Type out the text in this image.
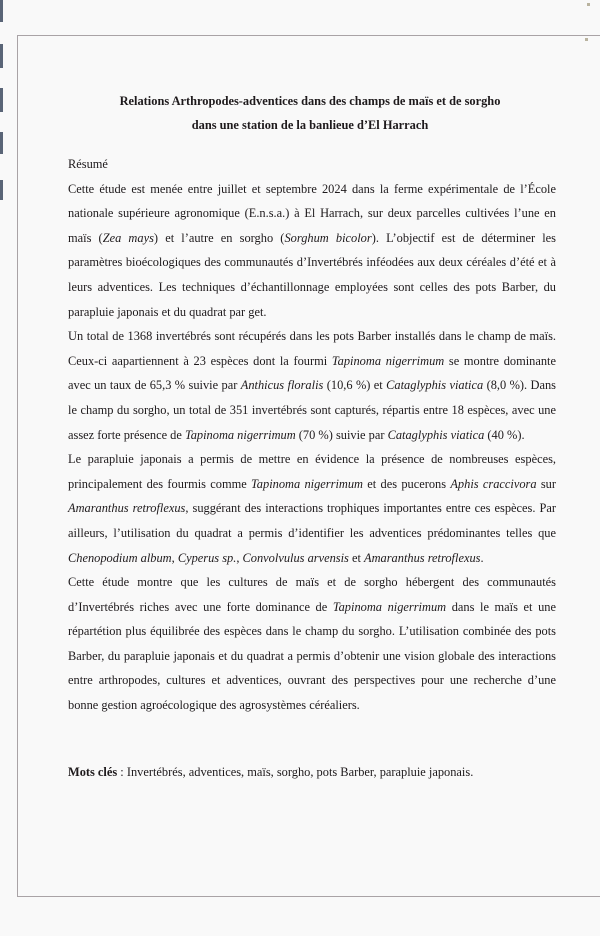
Relations Arthropodes-adventices dans des champs de maïs et de sorgho
dans une station de la banlieue d’El Harrach

Résumé

Cette étude est menée entre juillet et septembre 2024 dans la ferme expérimentale de l’École nationale supérieure agronomique (E.n.s.a.) à El Harrach, sur deux parcelles cultivées l’une en maïs (Zea mays) et l’autre en sorgho (Sorghum bicolor). L’objectif est de déterminer les paramètres bioécologiques des communautés d’Invertébrés inféodées aux deux céréales d’été et à leurs adventices. Les techniques d’échantillonnage employées sont celles des pots Barber, du parapluie japonais et du quadrat par get.

Un total de 1368 invertébrés sont récupérés dans les pots Barber installés dans le champ de maïs. Ceux-ci aapartiennent à 23 espèces dont la fourmi Tapinoma nigerrimum se montre dominante avec un taux de 65,3 % suivie par Anthicus floralis (10,6 %) et Cataglyphis viatica (8,0 %). Dans le champ du sorgho, un total de 351 invertébrés sont capturés, répartis entre 18 espèces, avec une assez forte présence de Tapinoma nigerrimum (70 %) suivie par Cataglyphis viatica (40 %).

Le parapluie japonais a permis de mettre en évidence la présence de nombreuses espèces, principalement des fourmis comme Tapinoma nigerrimum et des pucerons Aphis craccivora sur Amaranthus retroflexus, suggérant des interactions trophiques importantes entre ces espèces. Par ailleurs, l’utilisation du quadrat a permis d’identifier les adventices prédominantes telles que Chenopodium album, Cyperus sp., Convolvulus arvensis et Amaranthus retroflexus.

Cette étude montre que les cultures de maïs et de sorgho hébergent des communautés d’Invertébrés riches avec une forte dominance de Tapinoma nigerrimum dans le maïs et une répartétion plus équilibrée des espèces dans le champ du sorgho. L’utilisation combinée des pots Barber, du parapluie japonais et du quadrat a permis d’obtenir une vision globale des interactions entre arthropodes, cultures et adventices, ouvrant des perspectives pour une recherche d’une bonne gestion agroécologique des agrosystèmes céréaliers.

Mots clés : Invertébrés, adventices, maïs, sorgho, pots Barber, parapluie japonais.
